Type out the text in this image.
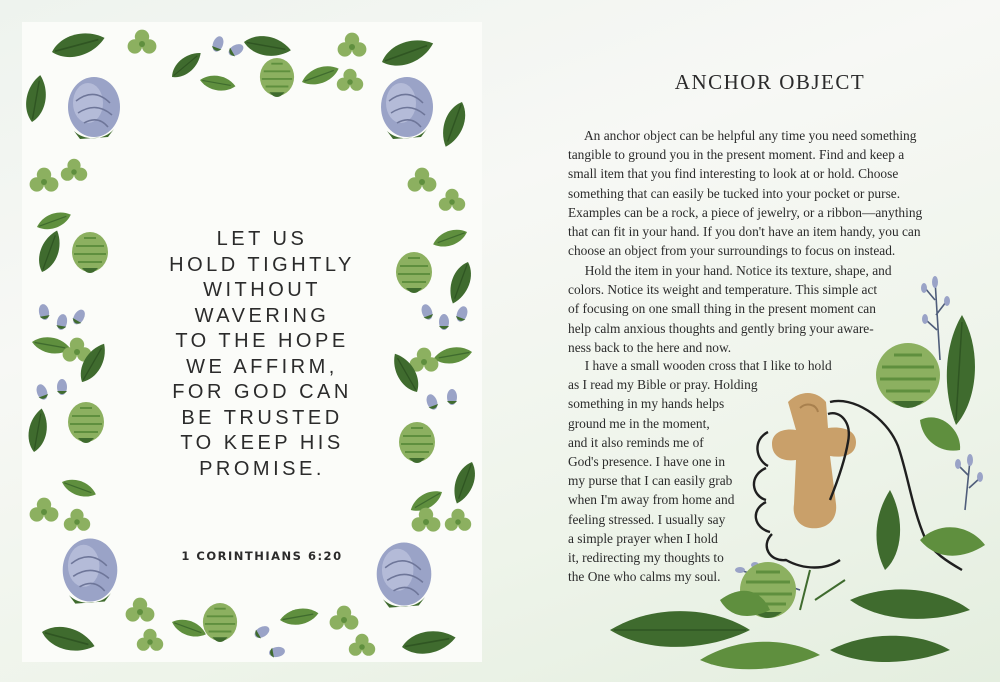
LET US
HOLD TIGHTLY
WITHOUT
WAVERING
TO THE HOPE
WE AFFIRM,
FOR GOD CAN
BE TRUSTED
TO KEEP HIS
PROMISE.
1 CORINTHIANS 6:20
ANCHOR OBJECT
An anchor object can be helpful any time you need something
tangible to ground you in the present moment. Find and keep a
small item that you find interesting to look at or hold. Choose
something that can easily be tucked into your pocket or purse.
Examples can be a rock, a piece of jewelry, or a ribbon—anything
that can fit in your hand. If you don't have an item handy, you can
choose an object from your surroundings to focus on instead.
Hold the item in your hand. Notice its texture, shape, and
colors. Notice its weight and temperature. This simple act
of focusing on one small thing in the present moment can
help calm anxious thoughts and gently bring your aware-
ness back to the here and now.
I have a small wooden cross that I like to hold
as I read my Bible or pray. Holding
something in my hands helps
ground me in the moment,
and it also reminds me of
God's presence. I have one in
my purse that I can easily grab
when I'm away from home and
feeling stressed. I usually say
a simple prayer when I hold
it, redirecting my thoughts to
the One who calms my soul.
